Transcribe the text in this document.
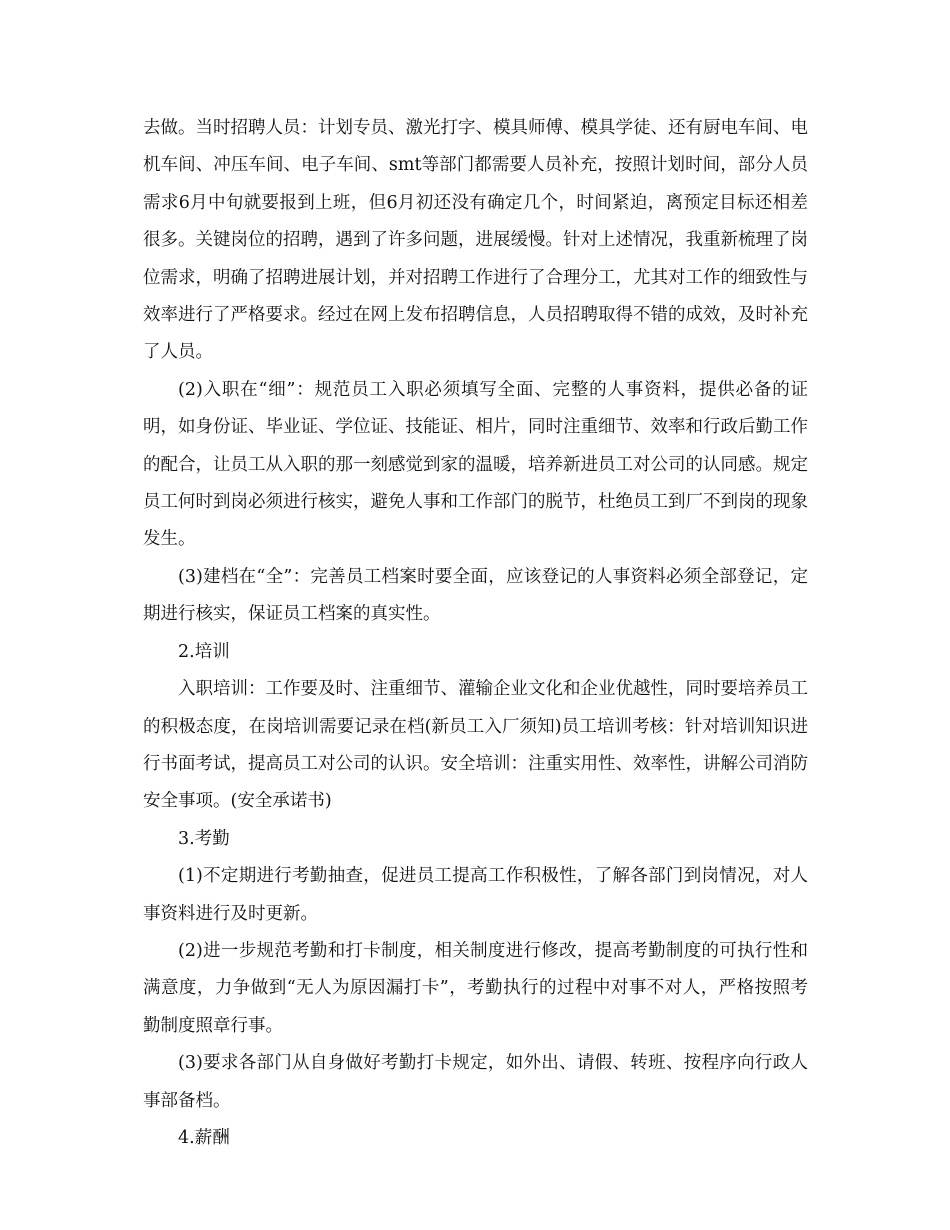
去做。当时招聘人员：计划专员、激光打字、模具师傅、模具学徒、还有厨电车间、电机车间、冲压车间、电子车间、smt等部门都需要人员补充，按照计划时间，部分人员需求6月中旬就要报到上班，但6月初还没有确定几个，时间紧迫，离预定目标还相差很多。关键岗位的招聘，遇到了许多问题，进展缓慢。针对上述情况，我重新梳理了岗位需求，明确了招聘进展计划，并对招聘工作进行了合理分工，尤其对工作的细致性与效率进行了严格要求。经过在网上发布招聘信息，人员招聘取得不错的成效，及时补充了人员。

(2)入职在“细”：规范员工入职必须填写全面、完整的人事资料，提供必备的证明，如身份证、毕业证、学位证、技能证、相片，同时注重细节、效率和行政后勤工作的配合，让员工从入职的那一刻感觉到家的温暖，培养新进员工对公司的认同感。规定员工何时到岗必须进行核实，避免人事和工作部门的脱节，杜绝员工到厂不到岗的现象发生。

(3)建档在“全”：完善员工档案时要全面，应该登记的人事资料必须全部登记，定期进行核实，保证员工档案的真实性。

2.培训

入职培训：工作要及时、注重细节、灌输企业文化和企业优越性，同时要培养员工的积极态度，在岗培训需要记录在档(新员工入厂须知)员工培训考核：针对培训知识进行书面考试，提高员工对公司的认识。安全培训：注重实用性、效率性，讲解公司消防安全事项。(安全承诺书)

3.考勤

(1)不定期进行考勤抽查，促进员工提高工作积极性，了解各部门到岗情况，对人事资料进行及时更新。

(2)进一步规范考勤和打卡制度，相关制度进行修改，提高考勤制度的可执行性和满意度，力争做到“无人为原因漏打卡”，考勤执行的过程中对事不对人，严格按照考勤制度照章行事。

(3)要求各部门从自身做好考勤打卡规定，如外出、请假、转班、按程序向行政人事部备档。

4.薪酬
